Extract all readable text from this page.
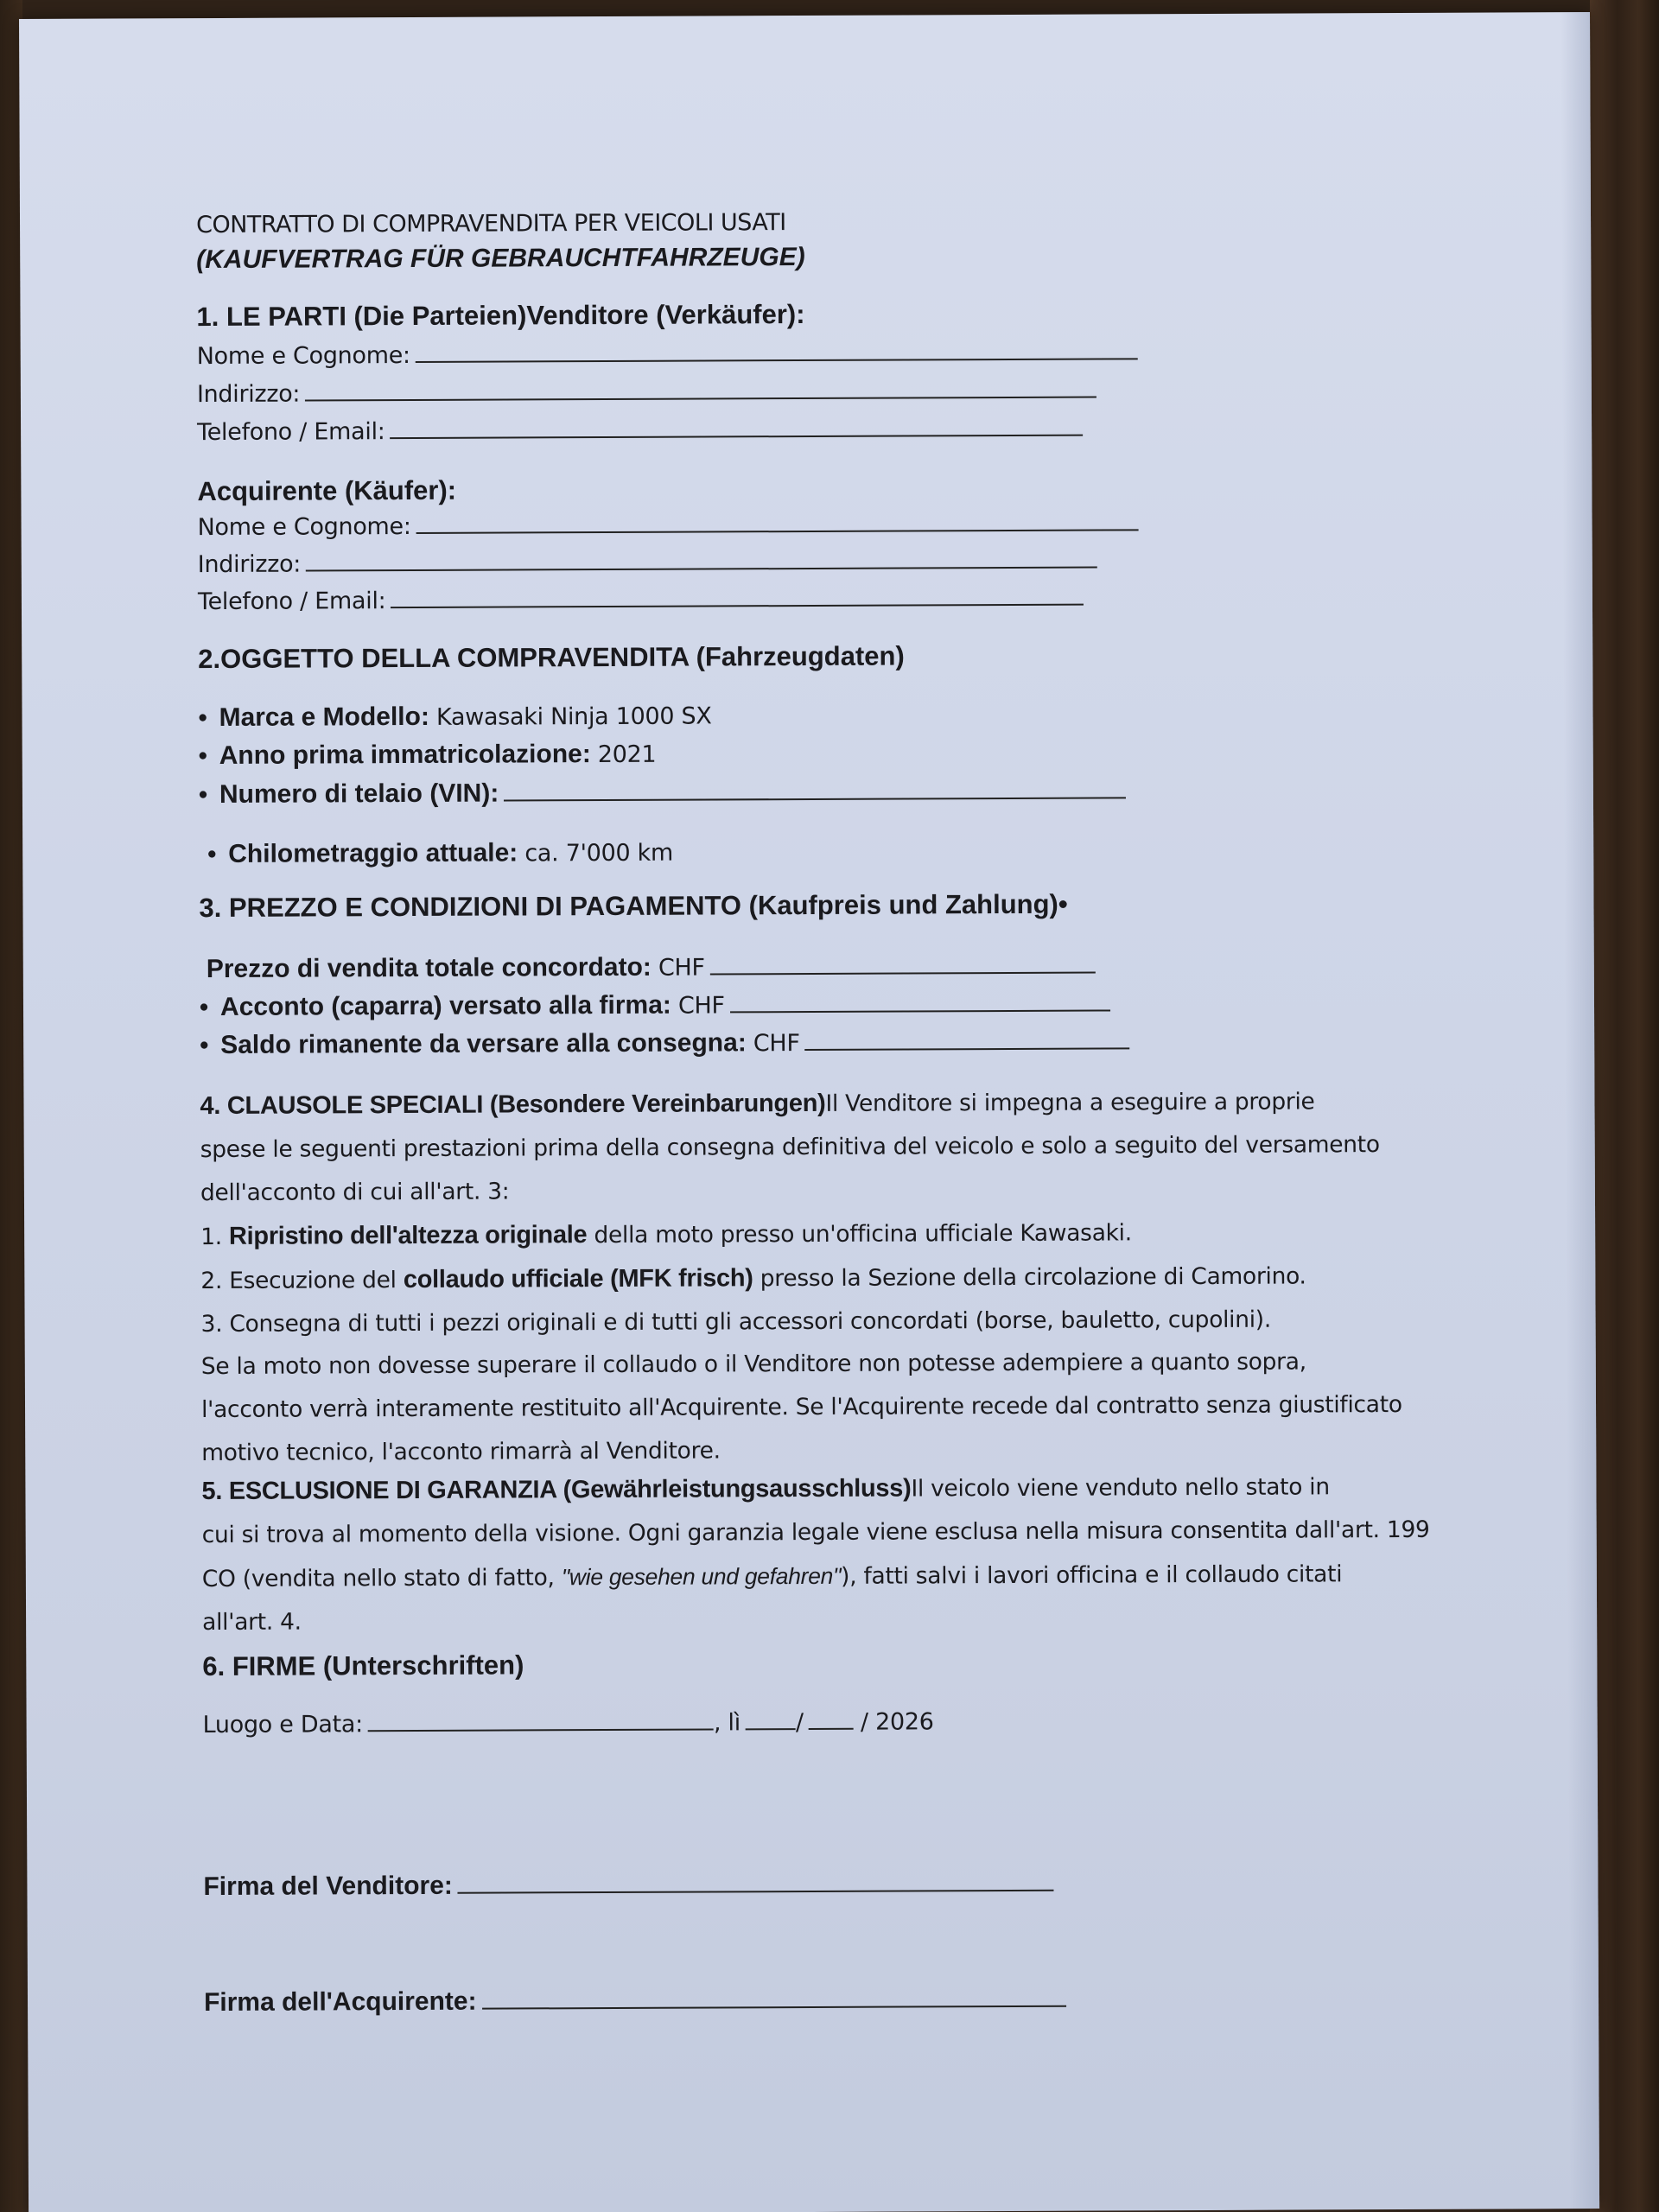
CONTRATTO DI COMPRAVENDITA PER VEICOLI USATI
(KAUFVERTRAG FÜR GEBRAUCHTFAHRZEUGE)
1. LE PARTI (Die Parteien)Venditore (Verkäufer):
Nome e Cognome:
Indirizzo:
Telefono / Email:
Acquirente (Käufer):
Nome e Cognome:
Indirizzo:
Telefono / Email:
2.OGGETTO DELLA COMPRAVENDITA (Fahrzeugdaten)
• Marca e Modello: Kawasaki Ninja 1000 SX
• Anno prima immatricolazione: 2021
• Numero di telaio (VIN):
• Chilometraggio attuale: ca. 7'000 km
3. PREZZO E CONDIZIONI DI PAGAMENTO (Kaufpreis und Zahlung)•
Prezzo di vendita totale concordato: CHF
• Acconto (caparra) versato alla firma: CHF
• Saldo rimanente da versare alla consegna: CHF
4. CLAUSOLE SPECIALI (Besondere Vereinbarungen)Il Venditore si impegna a eseguire a proprie
spese le seguenti prestazioni prima della consegna definitiva del veicolo e solo a seguito del versamento
dell'acconto di cui all'art. 3:
1. Ripristino dell'altezza originale della moto presso un'officina ufficiale Kawasaki.
2. Esecuzione del collaudo ufficiale (MFK frisch) presso la Sezione della circolazione di Camorino.
3. Consegna di tutti i pezzi originali e di tutti gli accessori concordati (borse, bauletto, cupolini).
Se la moto non dovesse superare il collaudo o il Venditore non potesse adempiere a quanto sopra,
l'acconto verrà interamente restituito all'Acquirente. Se l'Acquirente recede dal contratto senza giustificato
motivo tecnico, l'acconto rimarrà al Venditore.
5. ESCLUSIONE DI GARANZIA (Gewährleistungsausschluss)Il veicolo viene venduto nello stato in
cui si trova al momento della visione. Ogni garanzia legale viene esclusa nella misura consentita dall'art. 199
CO (vendita nello stato di fatto, "wie gesehen und gefahren"), fatti salvi i lavori officina e il collaudo citati
all'art. 4.
6. FIRME (Unterschriften)
Luogo e Data:	, lì / / 2026
Firma del Venditore:
Firma dell'Acquirente:
